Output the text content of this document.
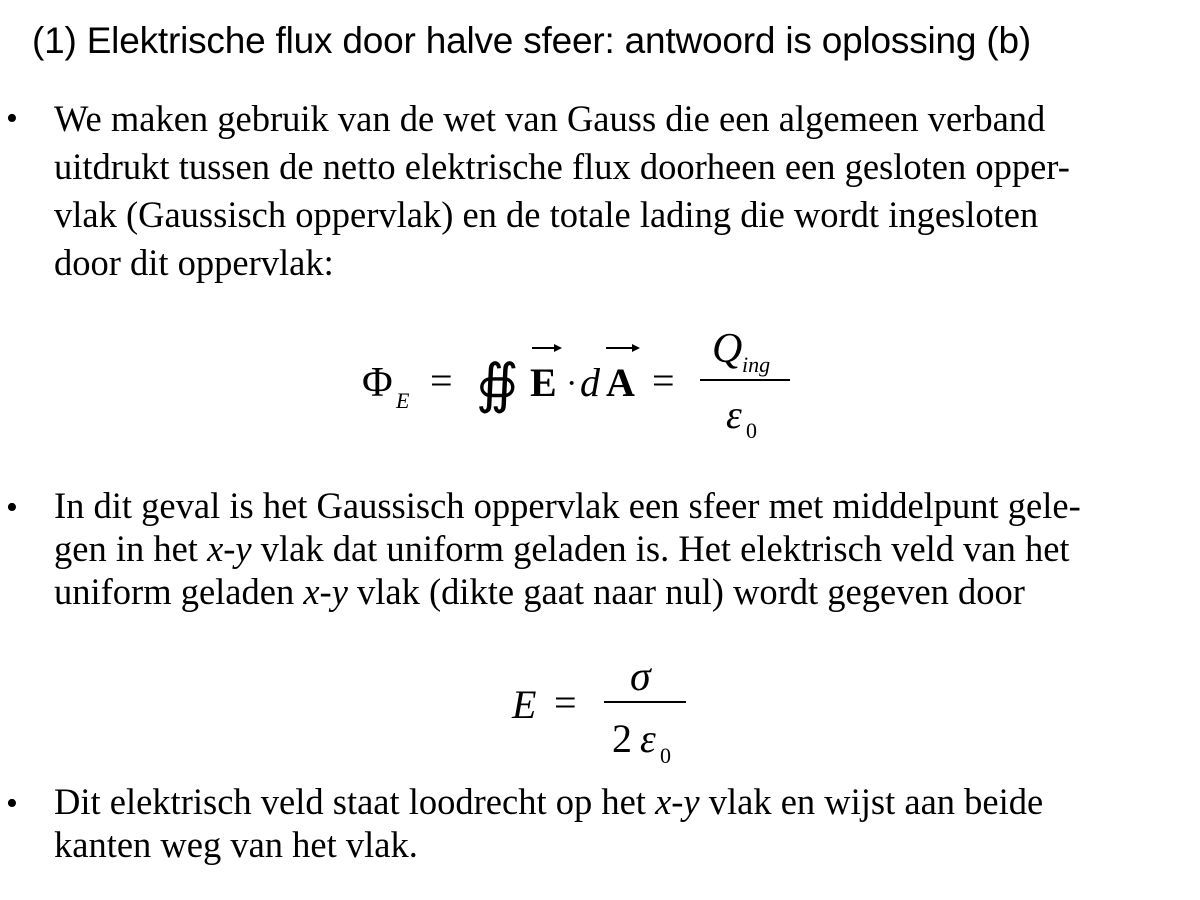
(1) Elektrische flux door halve sfeer: antwoord is oplossing (b)
• We maken gebruik van de wet van Gauss die een algemeen verband
uitdrukt tussen de netto elektrische flux doorheen een gesloten opper-
vlak (Gaussisch oppervlak) en de totale lading die wordt ingesloten
door dit oppervlak:
Φ E = ∯ E · d A =
Q ing
ε 0
• In dit geval is het Gaussisch oppervlak een sfeer met middelpunt gele-
gen in het x-y vlak dat uniform geladen is. Het elektrisch veld van het
uniform geladen x-y vlak (dikte gaat naar nul) wordt gegeven door
E =
σ
2 ε 0
• Dit elektrisch veld staat loodrecht op het x-y vlak en wijst aan beide
kanten weg van het vlak.
